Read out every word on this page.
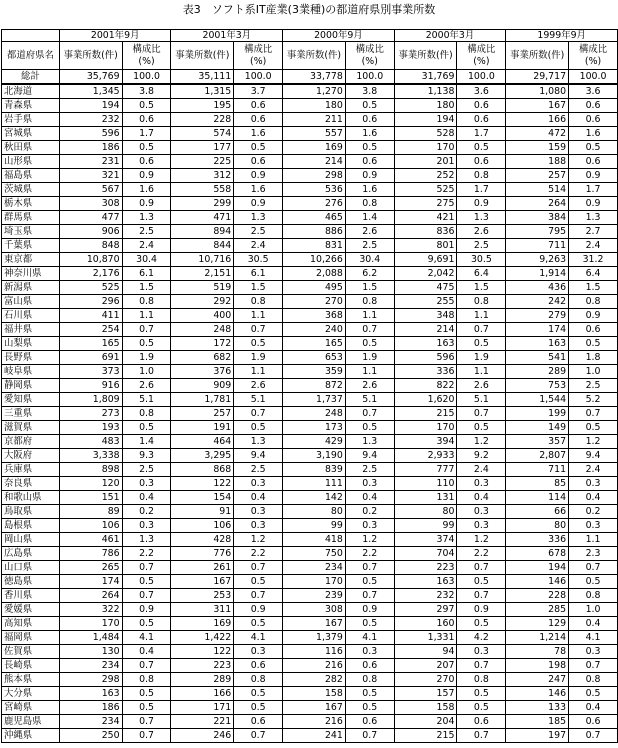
表3　ソフト系IT産業(3業種)の都道府県別事業所数
	2001年9月		2001年3月		2000年9月		2000年3月		1999年9月	
都道府県名	事業所数(件)	構成比(%)	事業所数(件)	構成比(%)	事業所数(件)	構成比(%)	事業所数(件)	構成比(%)	事業所数(件)	構成比(%)
総計	35,769	100.0	35,111	100.0	33,778	100.0	31,769	100.0	29,717	100.0
北海道	1,345	3.8	1,315	3.7	1,270	3.8	1,138	3.6	1,080	3.6
青森県	194	0.5	195	0.6	180	0.5	180	0.6	167	0.6
岩手県	232	0.6	228	0.6	211	0.6	194	0.6	166	0.6
宮城県	596	1.7	574	1.6	557	1.6	528	1.7	472	1.6
秋田県	186	0.5	177	0.5	169	0.5	170	0.5	159	0.5
山形県	231	0.6	225	0.6	214	0.6	201	0.6	188	0.6
福島県	321	0.9	312	0.9	298	0.9	252	0.8	257	0.9
茨城県	567	1.6	558	1.6	536	1.6	525	1.7	514	1.7
栃木県	308	0.9	299	0.9	276	0.8	275	0.9	264	0.9
群馬県	477	1.3	471	1.3	465	1.4	421	1.3	384	1.3
埼玉県	906	2.5	894	2.5	886	2.6	836	2.6	795	2.7
千葉県	848	2.4	844	2.4	831	2.5	801	2.5	711	2.4
東京都	10,870	30.4	10,716	30.5	10,266	30.4	9,691	30.5	9,263	31.2
神奈川県	2,176	6.1	2,151	6.1	2,088	6.2	2,042	6.4	1,914	6.4
新潟県	525	1.5	519	1.5	495	1.5	475	1.5	436	1.5
富山県	296	0.8	292	0.8	270	0.8	255	0.8	242	0.8
石川県	411	1.1	400	1.1	368	1.1	348	1.1	279	0.9
福井県	254	0.7	248	0.7	240	0.7	214	0.7	174	0.6
山梨県	165	0.5	172	0.5	165	0.5	163	0.5	163	0.5
長野県	691	1.9	682	1.9	653	1.9	596	1.9	541	1.8
岐阜県	373	1.0	376	1.1	359	1.1	336	1.1	289	1.0
静岡県	916	2.6	909	2.6	872	2.6	822	2.6	753	2.5
愛知県	1,809	5.1	1,781	5.1	1,737	5.1	1,620	5.1	1,544	5.2
三重県	273	0.8	257	0.7	248	0.7	215	0.7	199	0.7
滋賀県	193	0.5	191	0.5	173	0.5	170	0.5	149	0.5
京都府	483	1.4	464	1.3	429	1.3	394	1.2	357	1.2
大阪府	3,338	9.3	3,295	9.4	3,190	9.4	2,933	9.2	2,807	9.4
兵庫県	898	2.5	868	2.5	839	2.5	777	2.4	711	2.4
奈良県	120	0.3	122	0.3	111	0.3	110	0.3	85	0.3
和歌山県	151	0.4	154	0.4	142	0.4	131	0.4	114	0.4
鳥取県	89	0.2	91	0.3	80	0.2	80	0.3	66	0.2
島根県	106	0.3	106	0.3	99	0.3	99	0.3	80	0.3
岡山県	461	1.3	428	1.2	418	1.2	374	1.2	336	1.1
広島県	786	2.2	776	2.2	750	2.2	704	2.2	678	2.3
山口県	265	0.7	261	0.7	234	0.7	223	0.7	194	0.7
徳島県	174	0.5	167	0.5	170	0.5	163	0.5	146	0.5
香川県	264	0.7	253	0.7	239	0.7	232	0.7	228	0.8
愛媛県	322	0.9	311	0.9	308	0.9	297	0.9	285	1.0
高知県	170	0.5	169	0.5	167	0.5	160	0.5	129	0.4
福岡県	1,484	4.1	1,422	4.1	1,379	4.1	1,331	4.2	1,214	4.1
佐賀県	130	0.4	122	0.3	116	0.3	94	0.3	78	0.3
長崎県	234	0.7	223	0.6	216	0.6	207	0.7	198	0.7
熊本県	298	0.8	289	0.8	282	0.8	270	0.8	247	0.8
大分県	163	0.5	166	0.5	158	0.5	157	0.5	146	0.5
宮崎県	186	0.5	171	0.5	167	0.5	158	0.5	133	0.4
鹿児島県	234	0.7	221	0.6	216	0.6	204	0.6	185	0.6
沖縄県	250	0.7	246	0.7	241	0.7	215	0.7	197	0.7
